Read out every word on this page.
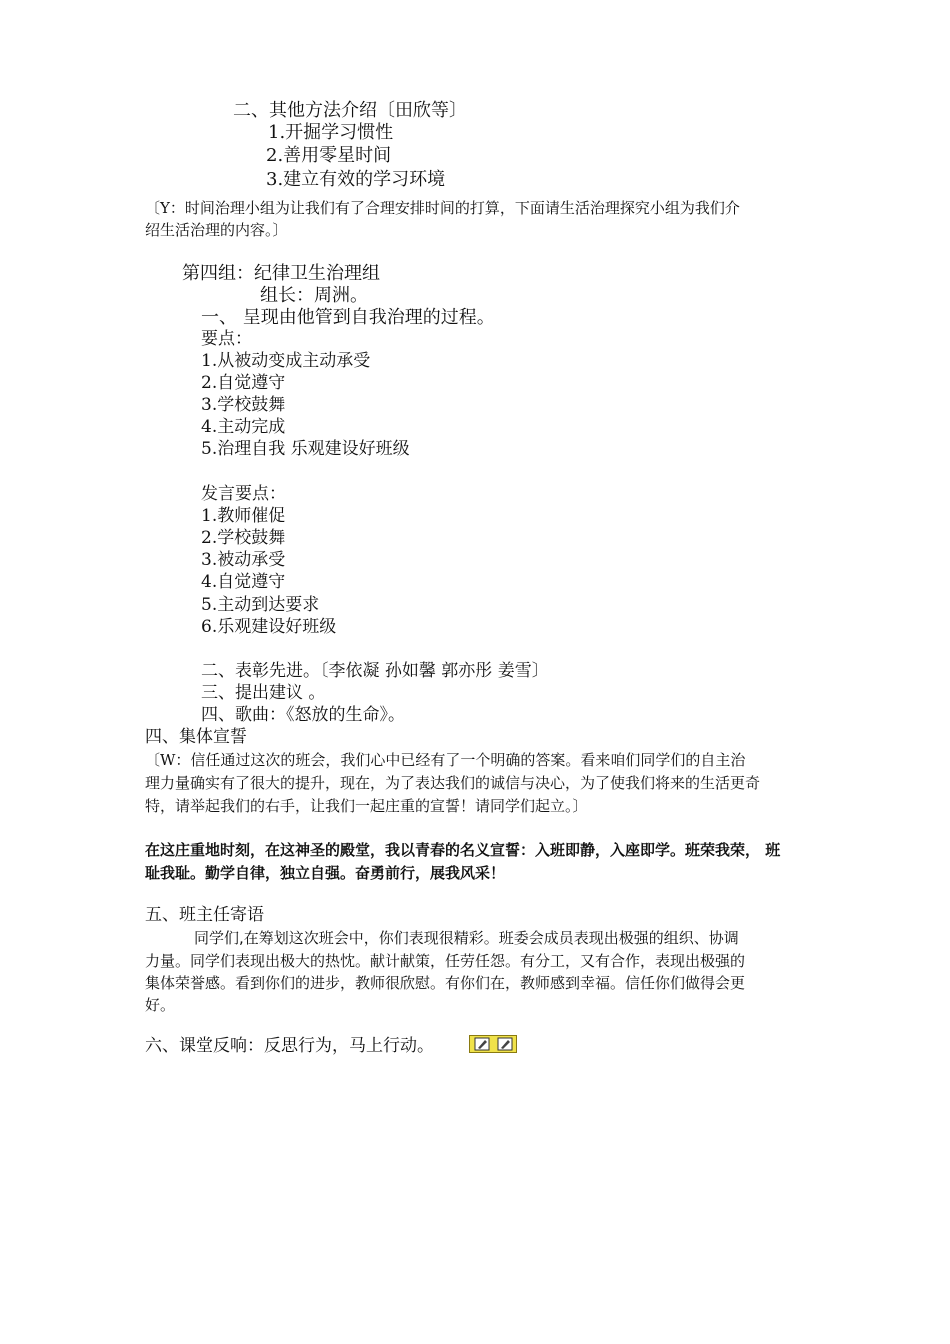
二、其他方法介绍〔田欣等〕
1.开掘学习惯性
2.善用零星时间
3.建立有效的学习环境
〔Y：时间治理小组为让我们有了合理安排时间的打算，下面请生活治理探究小组为我们介
绍生活治理的内容。〕
第四组：纪律卫生治理组
组长：周洲。
一、 呈现由他管到自我治理的过程。
要点：
1.从被动变成主动承受
2.自觉遵守
3.学校鼓舞
4.主动完成
5.治理自我 乐观建设好班级
发言要点：
1.教师催促
2.学校鼓舞
3.被动承受
4.自觉遵守
5.主动到达要求
6.乐观建设好班级
二、表彰先进。〔李依凝 孙如馨 郭亦彤 姜雪〕
三、提出建议 。
四、歌曲：《怒放的生命》。
四、集体宣誓
〔W：信任通过这次的班会，我们心中已经有了一个明确的答案。看来咱们同学们的自主治
理力量确实有了很大的提升，现在，为了表达我们的诚信与决心，为了使我们将来的生活更奇
特，请举起我们的右手，让我们一起庄重的宣誓！请同学们起立。〕
在这庄重地时刻，在这神圣的殿堂，我以青春的名义宣誓：入班即静，入座即学。班荣我荣， 班
耻我耻。勤学自律，独立自强。奋勇前行，展我风采！
五、班主任寄语
同学们,在筹划这次班会中，你们表现很精彩。班委会成员表现出极强的组织、协调
力量。同学们表现出极大的热忱。献计献策，任劳任怨。有分工，又有合作，表现出极强的
集体荣誉感。看到你们的进步，教师很欣慰。有你们在，教师感到幸福。信任你们做得会更
好。
六、课堂反响：反思行为，马上行动。
